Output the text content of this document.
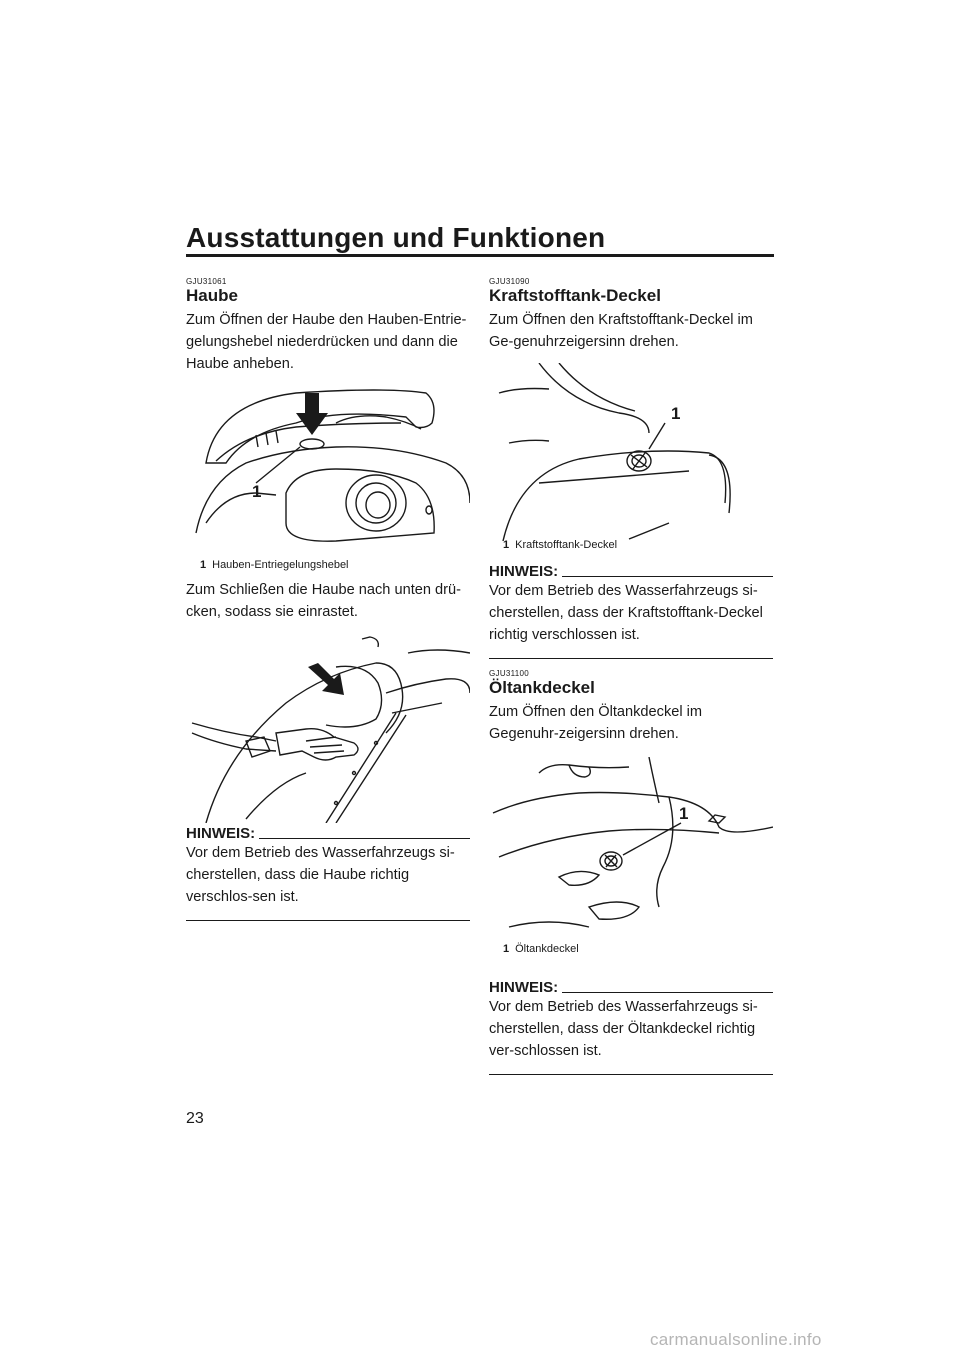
Ausstattungen und Funktionen
GJU31061
Haube

Zum Öffnen der Haube den Hauben-Entrie-gelungshebel niederdrücken und dann die Haube anheben.

1
1 Hauben-Entriegelungshebel

Zum Schließen die Haube nach unten drü-cken, sodass sie einrastet.

HINWEIS:

Vor dem Betrieb des Wasserfahrzeugs si-cherstellen, dass die Haube richtig verschlos-sen ist.

GJU31090
Kraftstofftank-Deckel

Zum Öffnen den Kraftstofftank-Deckel im Ge-genuhrzeigersinn drehen.

1
1 Kraftstofftank-Deckel
HINWEIS:

Vor dem Betrieb des Wasserfahrzeugs si-cherstellen, dass der Kraftstofftank-Deckel richtig verschlossen ist.

GJU31100
Öltankdeckel

Zum Öffnen den Öltankdeckel im Gegenuhr-zeigersinn drehen.

1
1 Öltankdeckel
HINWEIS:

Vor dem Betrieb des Wasserfahrzeugs si-cherstellen, dass der Öltankdeckel richtig ver-schlossen ist.

23
carmanualsonline.info
